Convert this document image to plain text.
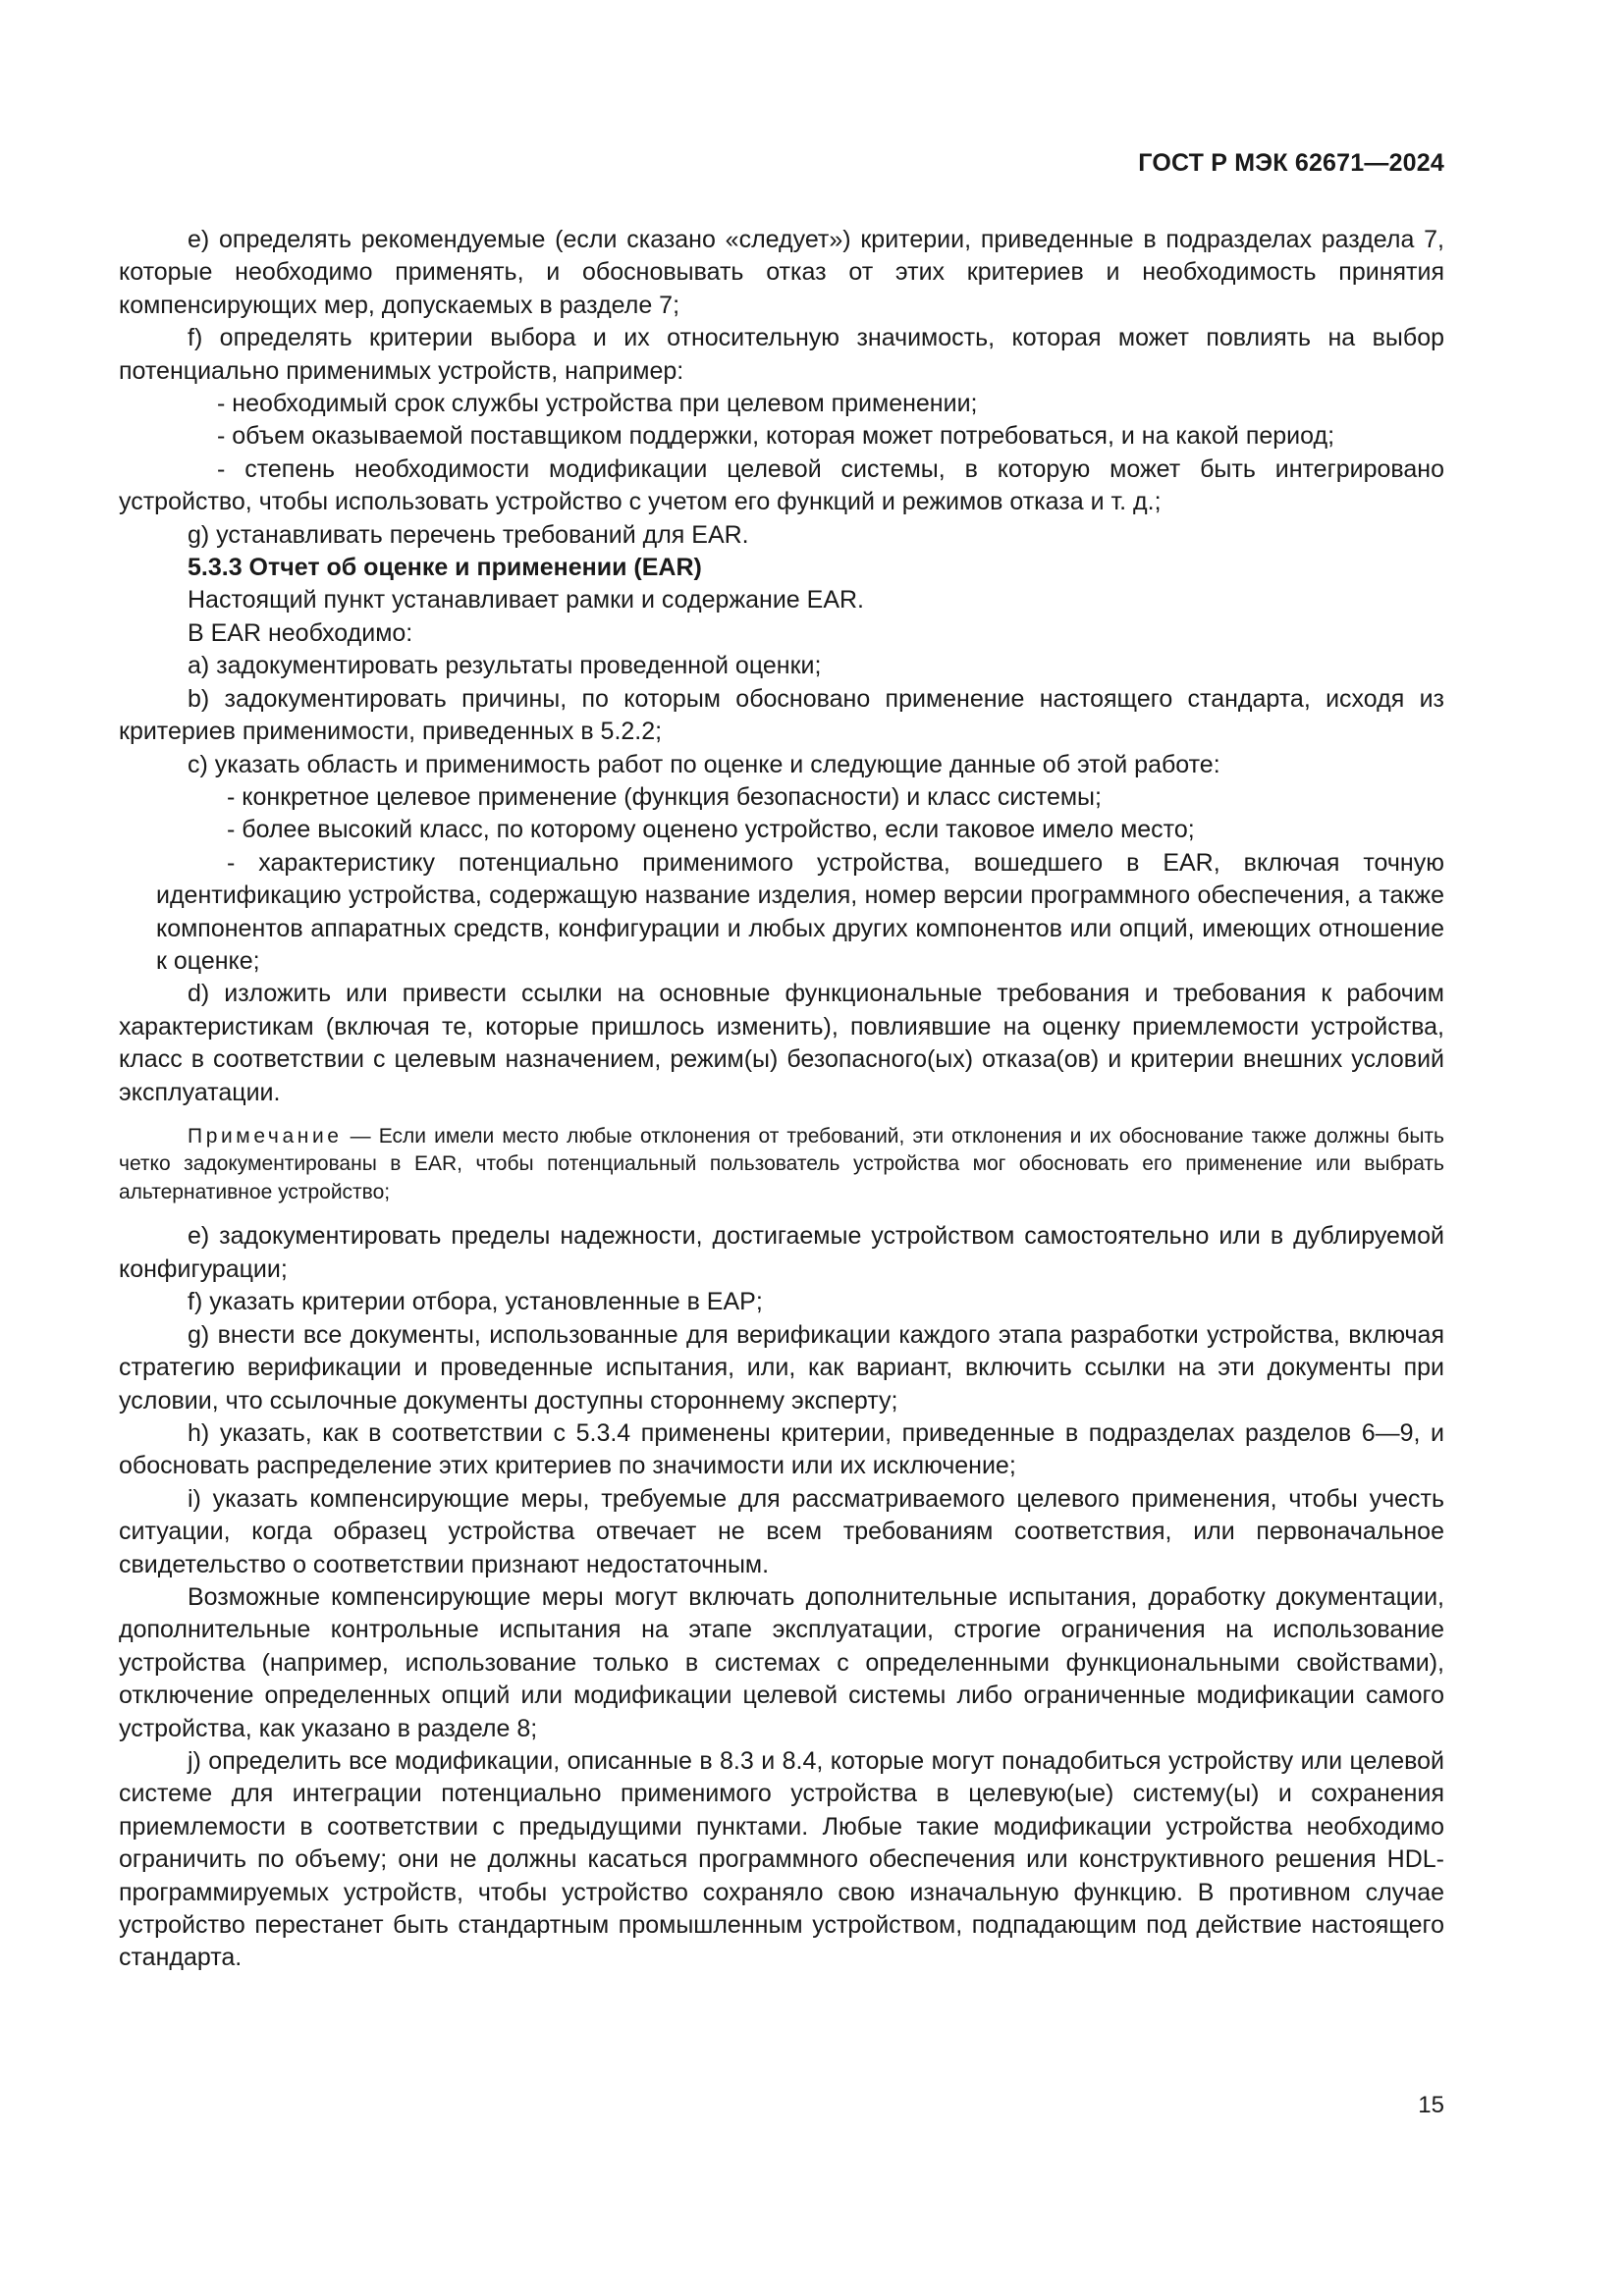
ГОСТ Р МЭК 62671—2024

e) определять рекомендуемые (если сказано «следует») критерии, приведенные в подразделах раздела 7, которые необходимо применять, и обосновывать отказ от этих критериев и необходимость принятия компенсирующих мер, допускаемых в разделе 7;

f) определять критерии выбора и их относительную значимость, которая может повлиять на выбор потенциально применимых устройств, например:

- необходимый срок службы устройства при целевом применении;

- объем оказываемой поставщиком поддержки, которая может потребоваться, и на какой период;

- степень необходимости модификации целевой системы, в которую может быть интегрировано устройство, чтобы использовать устройство с учетом его функций и режимов отказа и т. д.;

g) устанавливать перечень требований для EAR.

5.3.3 Отчет об оценке и применении (EAR)

Настоящий пункт устанавливает рамки и содержание EAR.

В EAR необходимо:

a) задокументировать результаты проведенной оценки;

b) задокументировать причины, по которым обосновано применение настоящего стандарта, исходя из критериев применимости, приведенных в 5.2.2;

c) указать область и применимость работ по оценке и следующие данные об этой работе:

- конкретное целевое применение (функция безопасности) и класс системы;

- более высокий класс, по которому оценено устройство, если таковое имело место;

- характеристику потенциально применимого устройства, вошедшего в EAR, включая точную идентификацию устройства, содержащую название изделия, номер версии программного обеспечения, а также компонентов аппаратных средств, конфигурации и любых других компонентов или опций, имеющих отношение к оценке;

d) изложить или привести ссылки на основные функциональные требования и требования к рабочим характеристикам (включая те, которые пришлось изменить), повлиявшие на оценку приемлемости устройства, класс в соответствии с целевым назначением, режим(ы) безопасного(ых) отказа(ов) и критерии внешних условий эксплуатации.

Примечание — Если имели место любые отклонения от требований, эти отклонения и их обоснование также должны быть четко задокументированы в EAR, чтобы потенциальный пользователь устройства мог обосновать его применение или выбрать альтернативное устройство;

e) задокументировать пределы надежности, достигаемые устройством самостоятельно или в дублируемой конфигурации;

f) указать критерии отбора, установленные в EAP;

g) внести все документы, использованные для верификации каждого этапа разработки устройства, включая стратегию верификации и проведенные испытания, или, как вариант, включить ссылки на эти документы при условии, что ссылочные документы доступны стороннему эксперту;

h) указать, как в соответствии с 5.3.4 применены критерии, приведенные в подразделах разделов 6—9, и обосновать распределение этих критериев по значимости или их исключение;

i) указать компенсирующие меры, требуемые для рассматриваемого целевого применения, чтобы учесть ситуации, когда образец устройства отвечает не всем требованиям соответствия, или первоначальное свидетельство о соответствии признают недостаточным.

Возможные компенсирующие меры могут включать дополнительные испытания, доработку документации, дополнительные контрольные испытания на этапе эксплуатации, строгие ограничения на использование устройства (например, использование только в системах с определенными функциональными свойствами), отключение определенных опций или модификации целевой системы либо ограниченные модификации самого устройства, как указано в разделе 8;

j) определить все модификации, описанные в 8.3 и 8.4, которые могут понадобиться устройству или целевой системе для интеграции потенциально применимого устройства в целевую(ые) систему(ы) и сохранения приемлемости в соответствии с предыдущими пунктами. Любые такие модификации устройства необходимо ограничить по объему; они не должны касаться программного обеспечения или конструктивного решения HDL-программируемых устройств, чтобы устройство сохраняло свою изначальную функцию. В противном случае устройство перестанет быть стандартным промышленным устройством, подпадающим под действие настоящего стандарта.

15
